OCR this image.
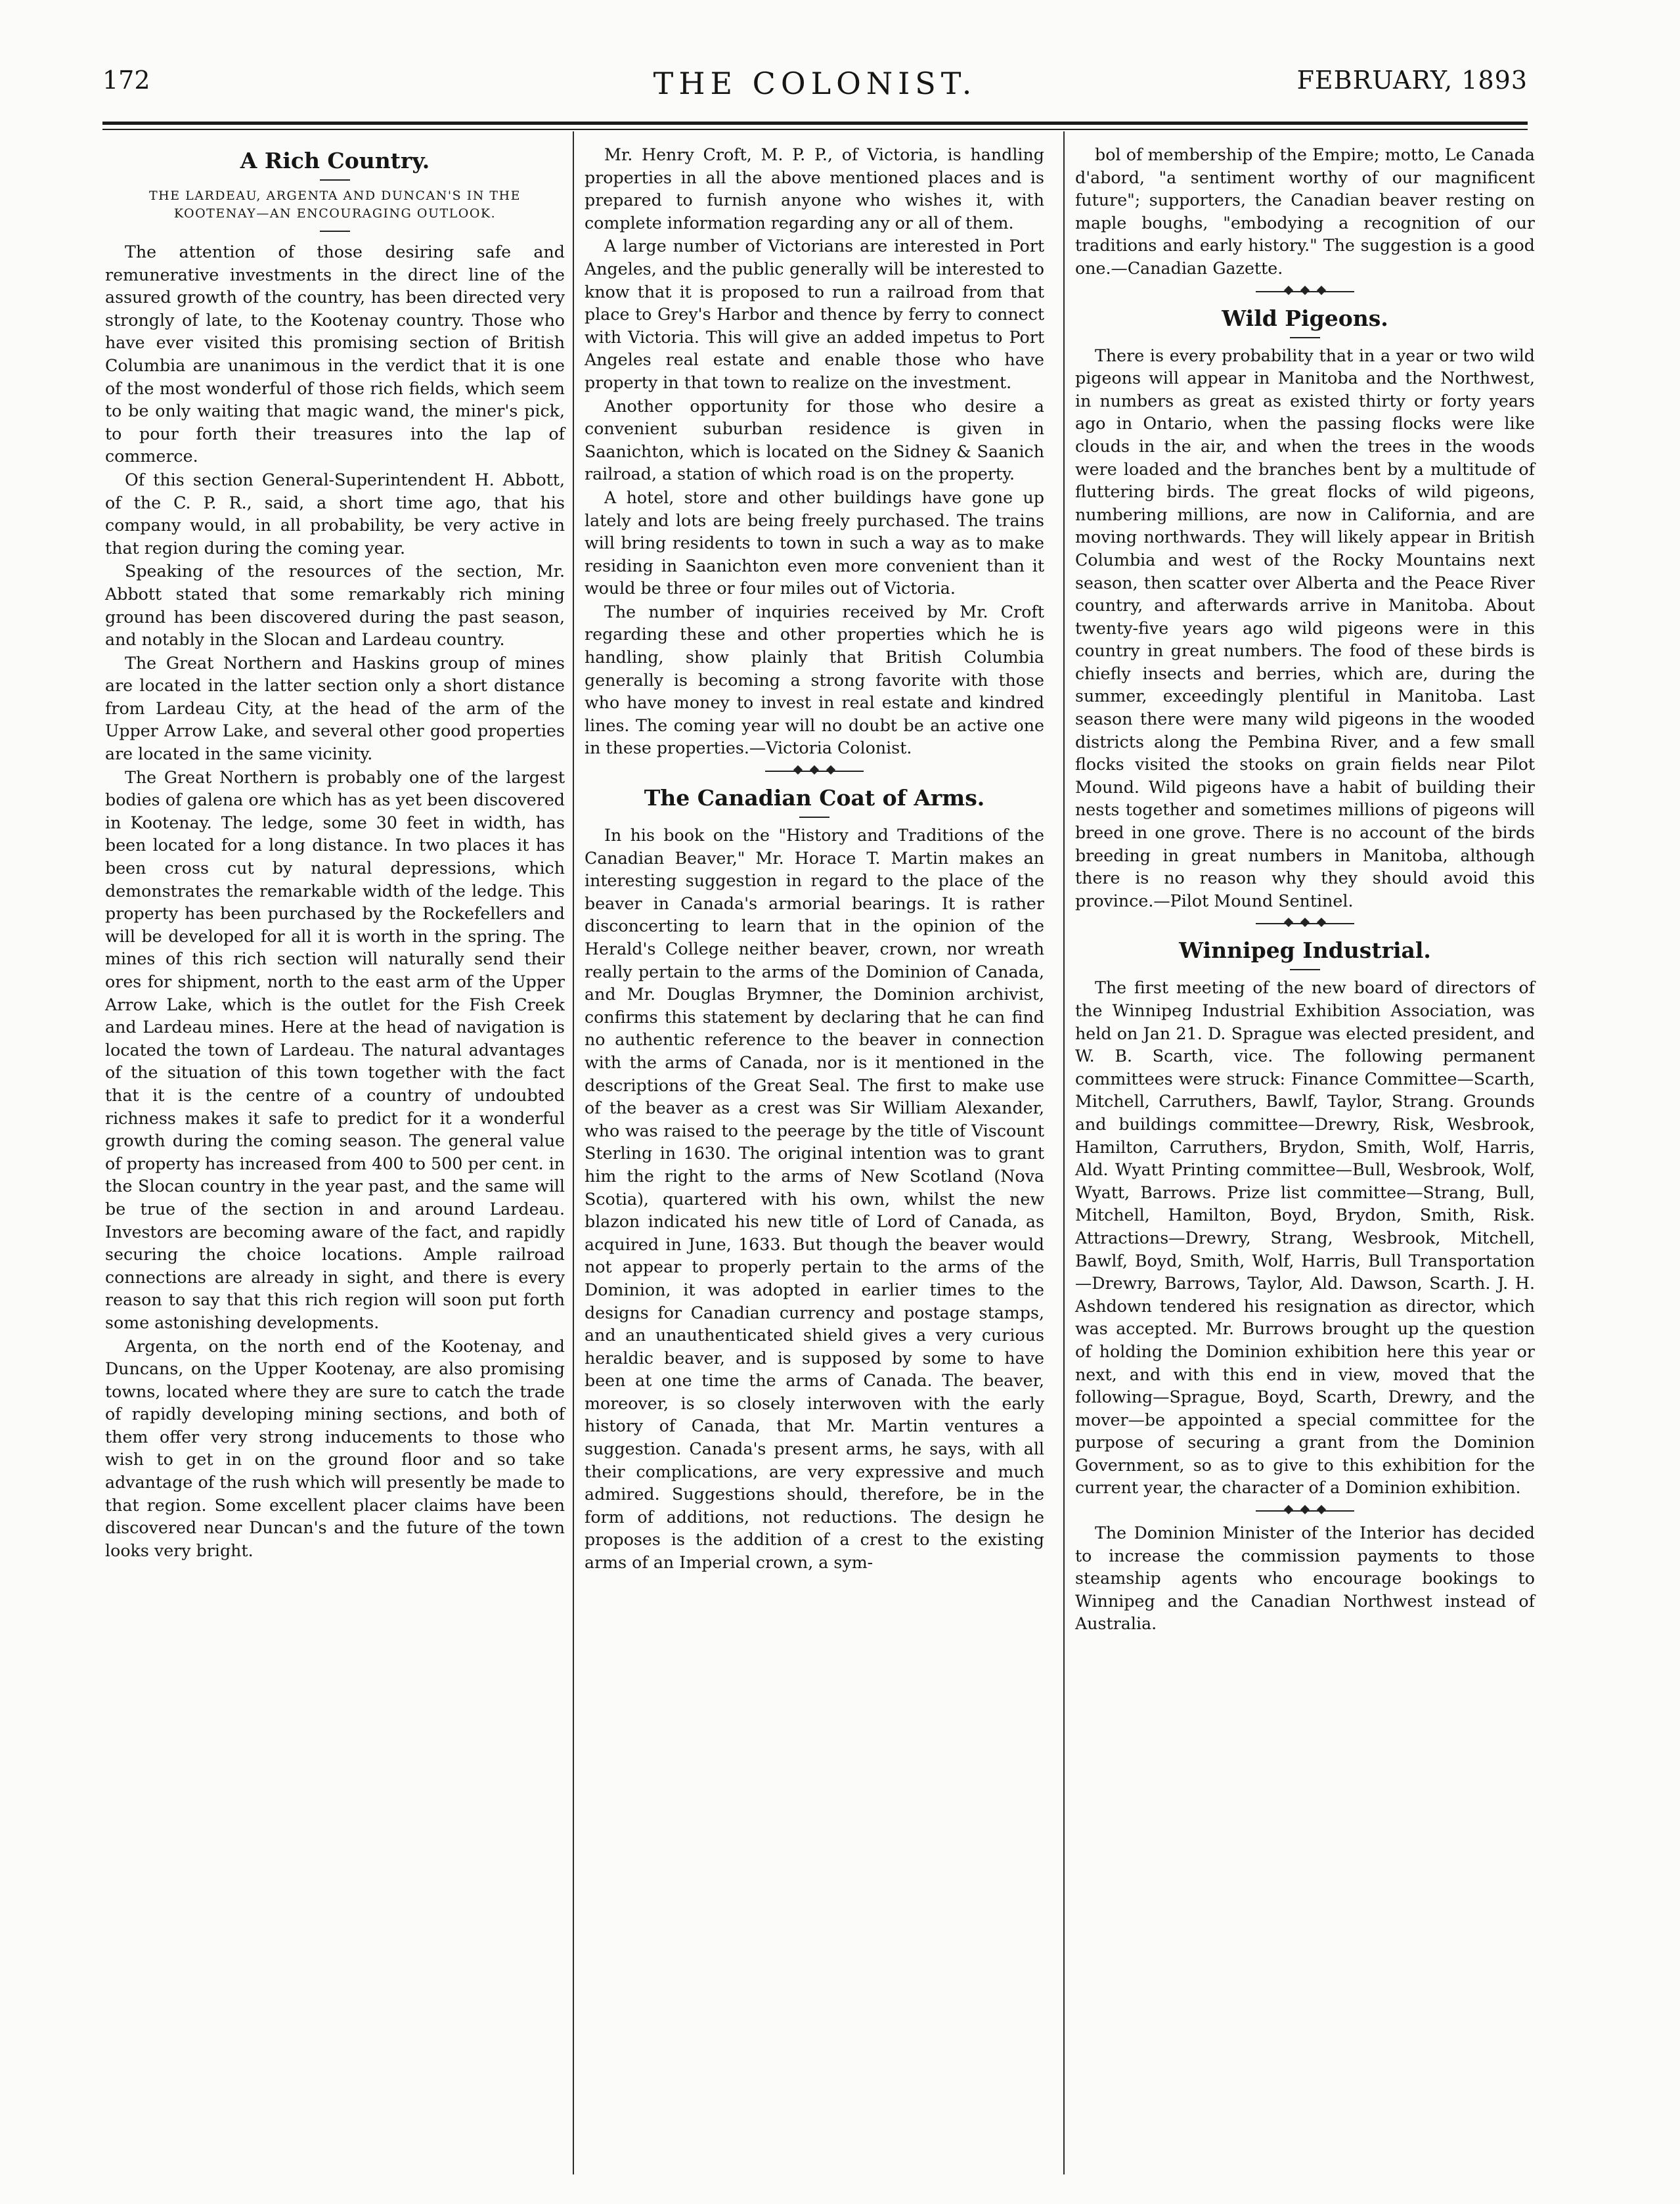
172	THE COLONIST.	FEBRUARY, 1893
A Rich Country.
THE LARDEAU, ARGENTA AND DUNCAN'S IN THE KOOTENAY—AN ENCOURAGING OUTLOOK.

The attention of those desiring safe and remunerative investments in the direct line of the assured growth of the country, has been directed very strongly of late, to the Kootenay country. Those who have ever visited this promising section of British Columbia are unanimous in the verdict that it is one of the most wonderful of those rich fields, which seem to be only waiting that magic wand, the miner's pick, to pour forth their treasures into the lap of commerce.

Of this section General-Superintendent H. Abbott, of the C. P. R., said, a short time ago, that his company would, in all probability, be very active in that region during the coming year.

Speaking of the resources of the section, Mr. Abbott stated that some remarkably rich mining ground has been discovered during the past season, and notably in the Slocan and Lardeau country.

The Great Northern and Haskins group of mines are located in the latter section only a short distance from Lardeau City, at the head of the arm of the Upper Arrow Lake, and several other good properties are located in the same vicinity.

The Great Northern is probably one of the largest bodies of galena ore which has as yet been discovered in Kootenay. The ledge, some 30 feet in width, has been located for a long distance. In two places it has been cross cut by natural depressions, which demonstrates the remarkable width of the ledge. This property has been purchased by the Rockefellers and will be developed for all it is worth in the spring. The mines of this rich section will naturally send their ores for shipment, north to the east arm of the Upper Arrow Lake, which is the outlet for the Fish Creek and Lardeau mines. Here at the head of navigation is located the town of Lardeau. The natural advantages of the situation of this town together with the fact that it is the centre of a country of undoubted richness makes it safe to predict for it a wonderful growth during the coming season. The general value of property has increased from 400 to 500 per cent. in the Slocan country in the year past, and the same will be true of the section in and around Lardeau. Investors are becoming aware of the fact, and rapidly securing the choice locations. Ample railroad connections are already in sight, and there is every reason to say that this rich region will soon put forth some astonishing developments.

Argenta, on the north end of the Kootenay, and Duncans, on the Upper Kootenay, are also promising towns, located where they are sure to catch the trade of rapidly developing mining sections, and both of them offer very strong inducements to those who wish to get in on the ground floor and so take advantage of the rush which will presently be made to that region. Some excellent placer claims have been discovered near Duncan's and the future of the town looks very bright.

Mr. Henry Croft, M. P. P., of Victoria, is handling properties in all the above mentioned places and is prepared to furnish anyone who wishes it, with complete information regarding any or all of them.

A large number of Victorians are interested in Port Angeles, and the public generally will be interested to know that it is proposed to run a railroad from that place to Grey's Harbor and thence by ferry to connect with Victoria. This will give an added impetus to Port Angeles real estate and enable those who have property in that town to realize on the investment.

Another opportunity for those who desire a convenient suburban residence is given in Saanichton, which is located on the Sidney & Saanich railroad, a station of which road is on the property.

A hotel, store and other buildings have gone up lately and lots are being freely purchased. The trains will bring residents to town in such a way as to make residing in Saanichton even more convenient than it would be three or four miles out of Victoria.

The number of inquiries received by Mr. Croft regarding these and other properties which he is handling, show plainly that British Columbia generally is becoming a strong favorite with those who have money to invest in real estate and kindred lines. The coming year will no doubt be an active one in these properties.—Victoria Colonist.

The Canadian Coat of Arms.

In his book on the "History and Traditions of the Canadian Beaver," Mr. Horace T. Martin makes an interesting suggestion in regard to the place of the beaver in Canada's armorial bearings. It is rather disconcerting to learn that in the opinion of the Herald's College neither beaver, crown, nor wreath really pertain to the arms of the Dominion of Canada, and Mr. Douglas Brymner, the Dominion archivist, confirms this statement by declaring that he can find no authentic reference to the beaver in connection with the arms of Canada, nor is it mentioned in the descriptions of the Great Seal. The first to make use of the beaver as a crest was Sir William Alexander, who was raised to the peerage by the title of Viscount Sterling in 1630. The original intention was to grant him the right to the arms of New Scotland (Nova Scotia), quartered with his own, whilst the new blazon indicated his new title of Lord of Canada, as acquired in June, 1633. But though the beaver would not appear to properly pertain to the arms of the Dominion, it was adopted in earlier times to the designs for Canadian currency and postage stamps, and an unauthenticated shield gives a very curious heraldic beaver, and is supposed by some to have been at one time the arms of Canada. The beaver, moreover, is so closely interwoven with the early history of Canada, that Mr. Martin ventures a suggestion. Canada's present arms, he says, with all their complications, are very expressive and much admired. Suggestions should, therefore, be in the form of additions, not reductions. The design he proposes is the addition of a crest to the existing arms of an Imperial crown, a sym-

bol of membership of the Empire; motto, Le Canada d'abord, "a sentiment worthy of our magnificent future"; supporters, the Canadian beaver resting on maple boughs, "embodying a recognition of our traditions and early history." The suggestion is a good one.—Canadian Gazette.

Wild Pigeons.

There is every probability that in a year or two wild pigeons will appear in Manitoba and the Northwest, in numbers as great as existed thirty or forty years ago in Ontario, when the passing flocks were like clouds in the air, and when the trees in the woods were loaded and the branches bent by a multitude of fluttering birds. The great flocks of wild pigeons, numbering millions, are now in California, and are moving northwards. They will likely appear in British Columbia and west of the Rocky Mountains next season, then scatter over Alberta and the Peace River country, and afterwards arrive in Manitoba. About twenty-five years ago wild pigeons were in this country in great numbers. The food of these birds is chiefly insects and berries, which are, during the summer, exceedingly plentiful in Manitoba. Last season there were many wild pigeons in the wooded districts along the Pembina River, and a few small flocks visited the stooks on grain fields near Pilot Mound. Wild pigeons have a habit of building their nests together and sometimes millions of pigeons will breed in one grove. There is no account of the birds breeding in great numbers in Manitoba, although there is no reason why they should avoid this province.—Pilot Mound Sentinel.

Winnipeg Industrial.

The first meeting of the new board of directors of the Winnipeg Industrial Exhibition Association, was held on Jan 21. D. Sprague was elected president, and W. B. Scarth, vice. The following permanent committees were struck: Finance Committee—Scarth, Mitchell, Carruthers, Bawlf, Taylor, Strang. Grounds and buildings committee—Drewry, Risk, Wesbrook, Hamilton, Carruthers, Brydon, Smith, Wolf, Harris, Ald. Wyatt Printing committee—Bull, Wesbrook, Wolf, Wyatt, Barrows. Prize list committee—Strang, Bull, Mitchell, Hamilton, Boyd, Brydon, Smith, Risk. Attractions—Drewry, Strang, Wesbrook, Mitchell, Bawlf, Boyd, Smith, Wolf, Harris, Bull Transportation—Drewry, Barrows, Taylor, Ald. Dawson, Scarth. J. H. Ashdown tendered his resignation as director, which was accepted. Mr. Burrows brought up the question of holding the Dominion exhibition here this year or next, and with this end in view, moved that the following—Sprague, Boyd, Scarth, Drewry, and the mover—be appointed a special committee for the purpose of securing a grant from the Dominion Government, so as to give to this exhibition for the current year, the character of a Dominion exhibition.

The Dominion Minister of the Interior has decided to increase the commission payments to those steamship agents who encourage bookings to Winnipeg and the Canadian Northwest instead of Australia.
